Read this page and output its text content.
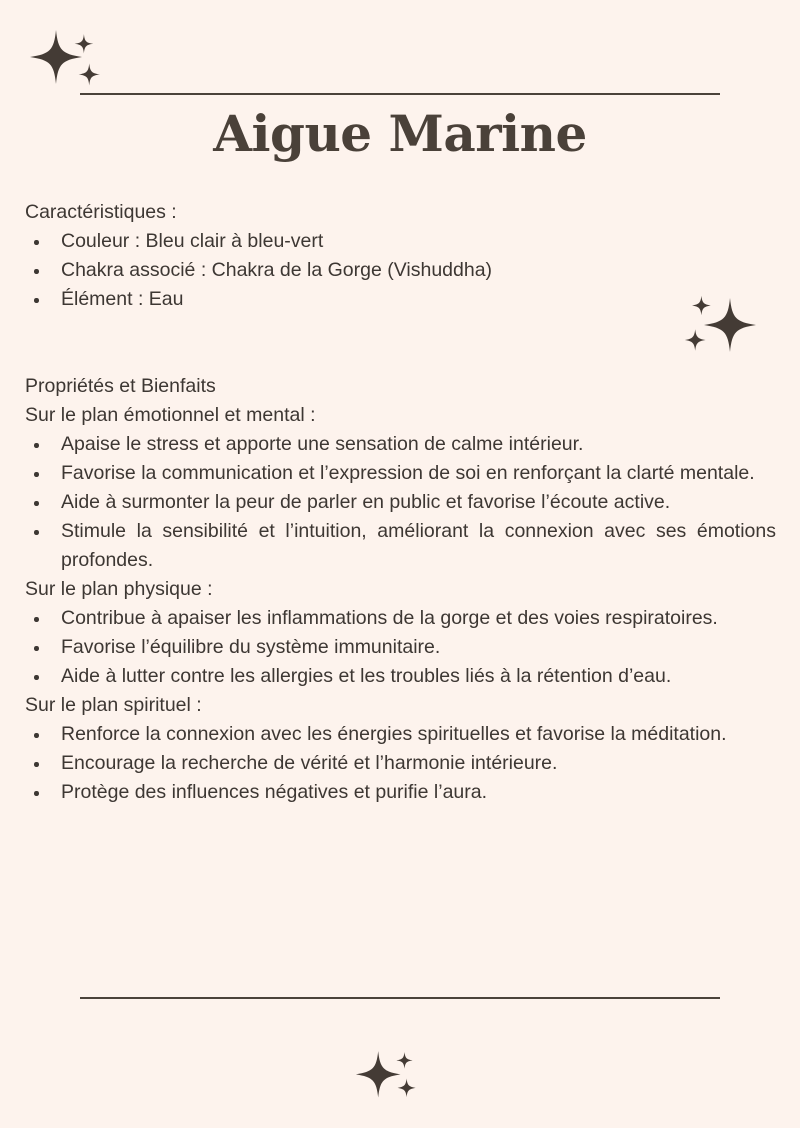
Aigue Marine

Caractéristiques :

Couleur : Bleu clair à bleu-vert
Chakra associé : Chakra de la Gorge (Vishuddha)
Élément : Eau

Propriétés et Bienfaits

Sur le plan émotionnel et mental :

Apaise le stress et apporte une sensation de calme intérieur.
Favorise la communication et l’expression de soi en renforçant la clarté mentale.
Aide à surmonter la peur de parler en public et favorise l’écoute active.
Stimule la sensibilité et l’intuition, améliorant la connexion avec ses émotions profondes.

Sur le plan physique :

Contribue à apaiser les inflammations de la gorge et des voies respiratoires.
Favorise l’équilibre du système immunitaire.
Aide à lutter contre les allergies et les troubles liés à la rétention d’eau.

Sur le plan spirituel :

Renforce la connexion avec les énergies spirituelles et favorise la méditation.
Encourage la recherche de vérité et l’harmonie intérieure.
Protège des influences négatives et purifie l’aura.
